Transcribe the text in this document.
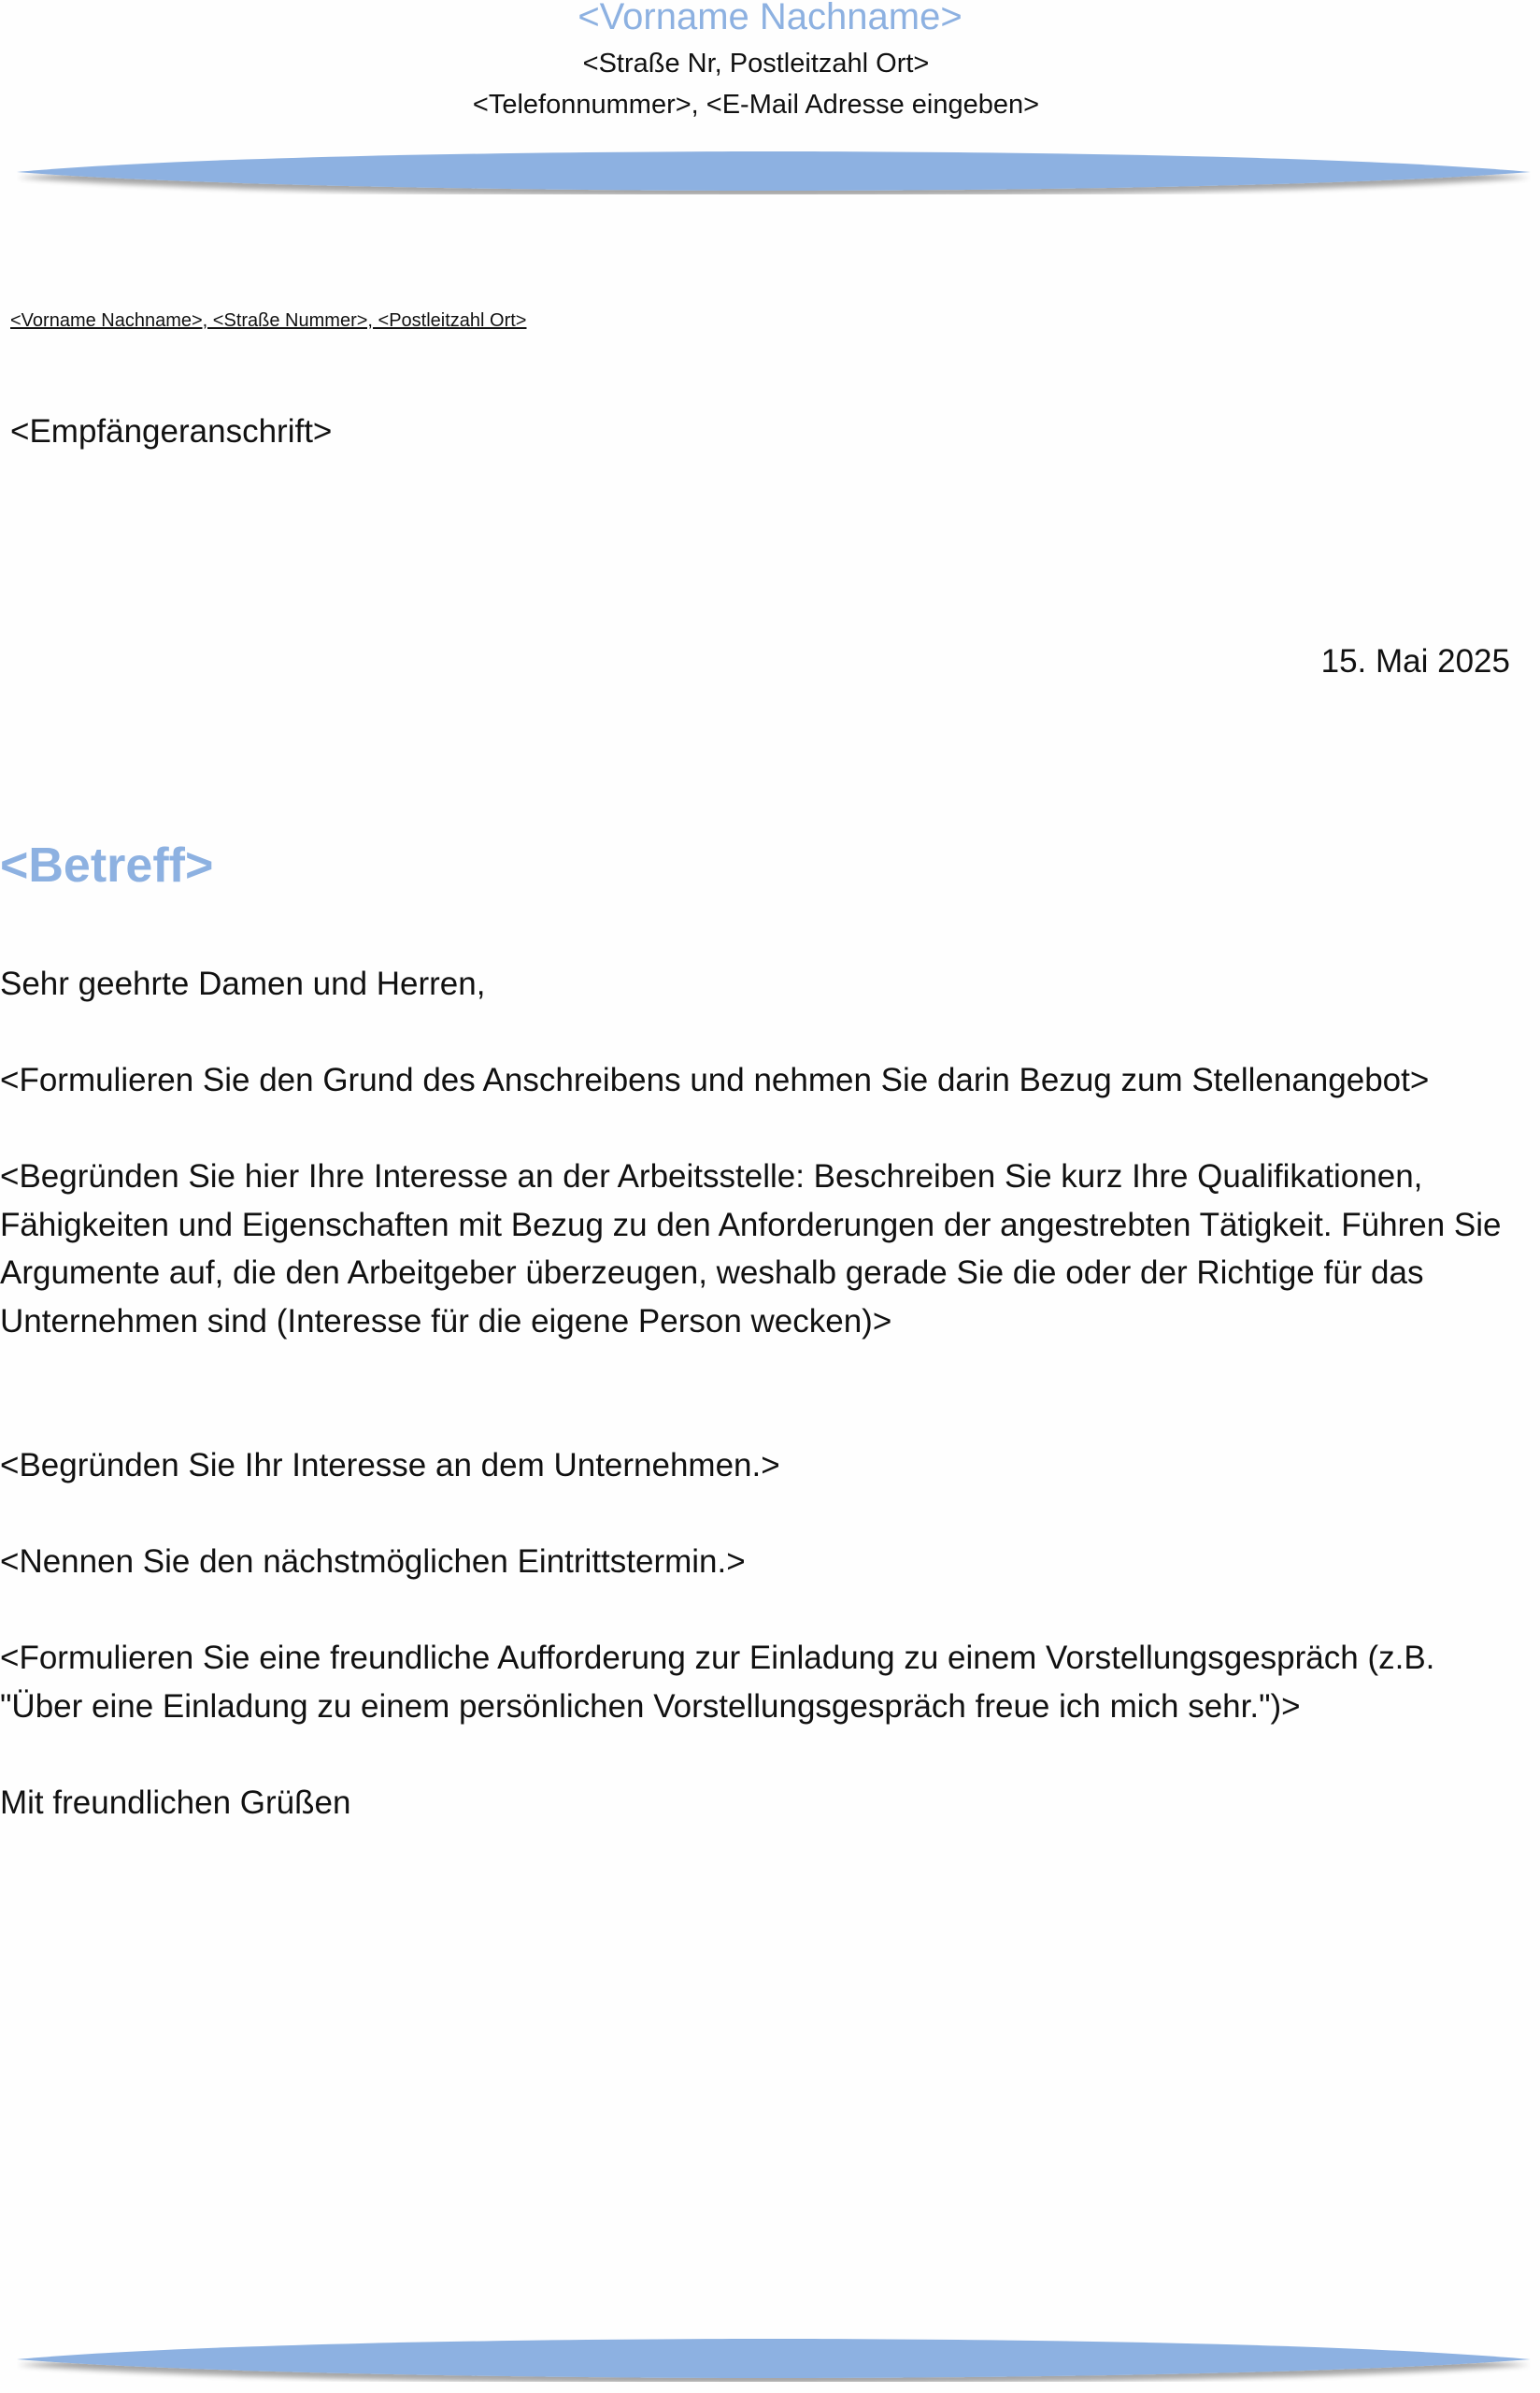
<Vorname Nachname>
<Straße Nr, Postleitzahl Ort>
<Telefonnummer>, <E-Mail Adresse eingeben>
<Vorname Nachname>, <Straße Nummer>, <Postleitzahl Ort>
<Empfängeranschrift>
15. Mai 2025
<Betreff>
Sehr geehrte Damen und Herren,
<Formulieren Sie den Grund des Anschreibens und nehmen Sie darin Bezug zum Stellenangebot>
<Begründen Sie hier Ihre Interesse an der Arbeitsstelle: Beschreiben Sie kurz Ihre Qualifikationen, Fähigkeiten und Eigenschaften mit Bezug zu den Anforderungen der angestrebten Tätigkeit. Führen Sie Argumente auf, die den Arbeitgeber überzeugen, weshalb gerade Sie die oder der Richtige für das Unternehmen sind (Interesse für die eigene Person wecken)>
<Begründen Sie Ihr Interesse an dem Unternehmen.>
<Nennen Sie den nächstmöglichen Eintrittstermin.>
<Formulieren Sie eine freundliche Aufforderung zur Einladung zu einem Vorstellungsgespräch (z.B. "Über eine Einladung zu einem persönlichen Vorstellungsgespräch freue ich mich sehr.")>
Mit freundlichen Grüßen
